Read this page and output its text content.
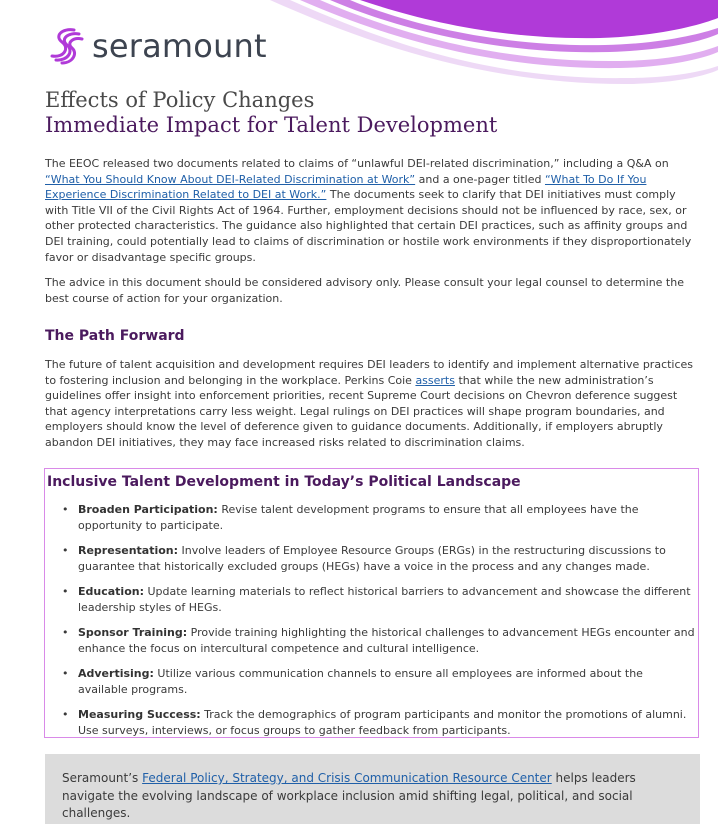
seramount
Effects of Policy Changes
Immediate Impact for Talent Development

The EEOC released two documents related to claims of “unlawful DEI-related discrimination,” including a Q&A on “What You Should Know About DEI-Related Discrimination at Work” and a one-pager titled “What To Do If You Experience Discrimination Related to DEI at Work.” The documents seek to clarify that DEI initiatives must comply with Title VII of the Civil Rights Act of 1964. Further, employment decisions should not be influenced by race, sex, or other protected characteristics. The guidance also highlighted that certain DEI practices, such as affinity groups and DEI training, could potentially lead to claims of discrimination or hostile work environments if they disproportionately favor or disadvantage specific groups.

The advice in this document should be considered advisory only. Please consult your legal counsel to determine the best course of action for your organization.

The Path Forward

The future of talent acquisition and development requires DEI leaders to identify and implement alternative practices to fostering inclusion and belonging in the workplace. Perkins Coie asserts that while the new administration’s guidelines offer insight into enforcement priorities, recent Supreme Court decisions on Chevron deference suggest that agency interpretations carry less weight. Legal rulings on DEI practices will shape program boundaries, and employers should know the level of deference given to guidance documents. Additionally, if employers abruptly abandon DEI initiatives, they may face increased risks related to discrimination claims.

Inclusive Talent Development in Today’s Political Landscape
• Broaden Participation: Revise talent development programs to ensure that all employees have the opportunity to participate.
• Representation: Involve leaders of Employee Resource Groups (ERGs) in the restructuring discussions to guarantee that historically excluded groups (HEGs) have a voice in the process and any changes made.
• Education: Update learning materials to reflect historical barriers to advancement and showcase the different leadership styles of HEGs.
• Sponsor Training: Provide training highlighting the historical challenges to advancement HEGs encounter and enhance the focus on intercultural competence and cultural intelligence.
• Advertising: Utilize various communication channels to ensure all employees are informed about the available programs.
• Measuring Success: Track the demographics of program participants and monitor the promotions of alumni. Use surveys, interviews, or focus groups to gather feedback from participants.

Seramount’s Federal Policy, Strategy, and Crisis Communication Resource Center helps leaders navigate the evolving landscape of workplace inclusion amid shifting legal, political, and social challenges.
